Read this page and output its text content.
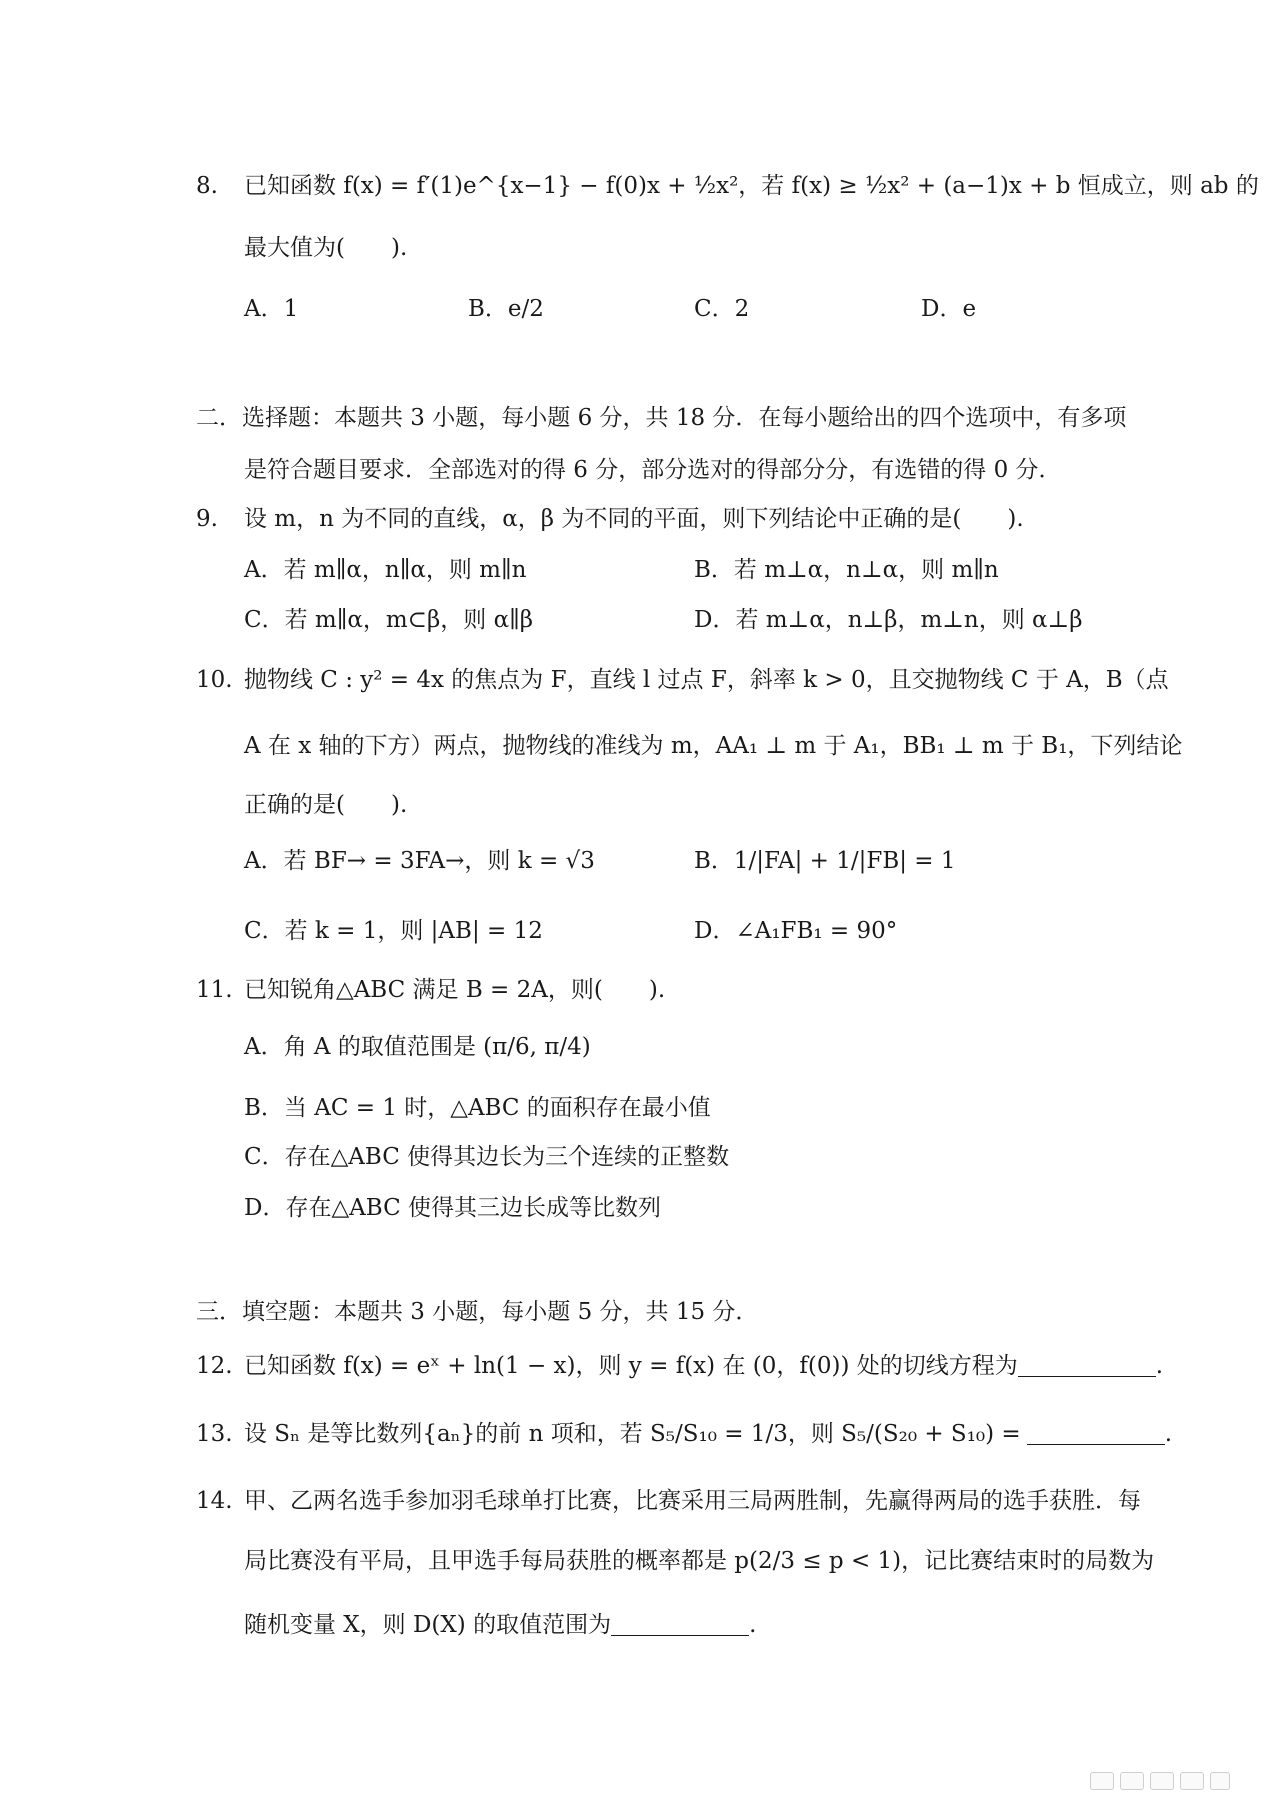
8. 已知函数 f(x) = f′(1)e^{x−1} − f(0)x + ½x²，若 f(x) ≥ ½x² + (a−1)x + b 恒成立，则 ab 的
最大值为(　　).
A．1	B．e/2	C．2	D．e
二．选择题：本题共 3 小题，每小题 6 分，共 18 分．在每小题给出的四个选项中，有多项
是符合题目要求．全部选对的得 6 分，部分选对的得部分分，有选错的得 0 分．
9. 设 m，n 为不同的直线，α，β 为不同的平面，则下列结论中正确的是(　　).
A．若 m∥α，n∥α，则 m∥n	B．若 m⊥α，n⊥α，则 m∥n
C．若 m∥α，m⊂β，则 α∥β	D．若 m⊥α，n⊥β，m⊥n，则 α⊥β
10. 抛物线 C : y² = 4x 的焦点为 F，直线 l 过点 F，斜率 k > 0，且交抛物线 C 于 A，B（点
A 在 x 轴的下方）两点，抛物线的准线为 m，AA₁ ⊥ m 于 A₁，BB₁ ⊥ m 于 B₁，下列结论
正确的是(　　).
A．若 BF→ = 3FA→，则 k = √3	B．1/|FA| + 1/|FB| = 1
C．若 k = 1，则 |AB| = 12	D．∠A₁FB₁ = 90°
11. 已知锐角△ABC 满足 B = 2A，则(　　).
A．角 A 的取值范围是 (π/6, π/4)
B．当 AC = 1 时，△ABC 的面积存在最小值
C．存在△ABC 使得其边长为三个连续的正整数
D．存在△ABC 使得其三边长成等比数列
三．填空题：本题共 3 小题，每小题 5 分，共 15 分．
12. 已知函数 f(x) = eˣ + ln(1 − x)，则 y = f(x) 在 (0，f(0)) 处的切线方程为	.
13. 设 Sₙ 是等比数列{aₙ}的前 n 项和，若 S₅/S₁₀ = 1/3，则 S₅/(S₂₀ + S₁₀) =	.
14. 甲、乙两名选手参加羽毛球单打比赛，比赛采用三局两胜制，先赢得两局的选手获胜．每
局比赛没有平局，且甲选手每局获胜的概率都是 p(2/3 ≤ p < 1)，记比赛结束时的局数为
随机变量 X，则 D(X) 的取值范围为	.
